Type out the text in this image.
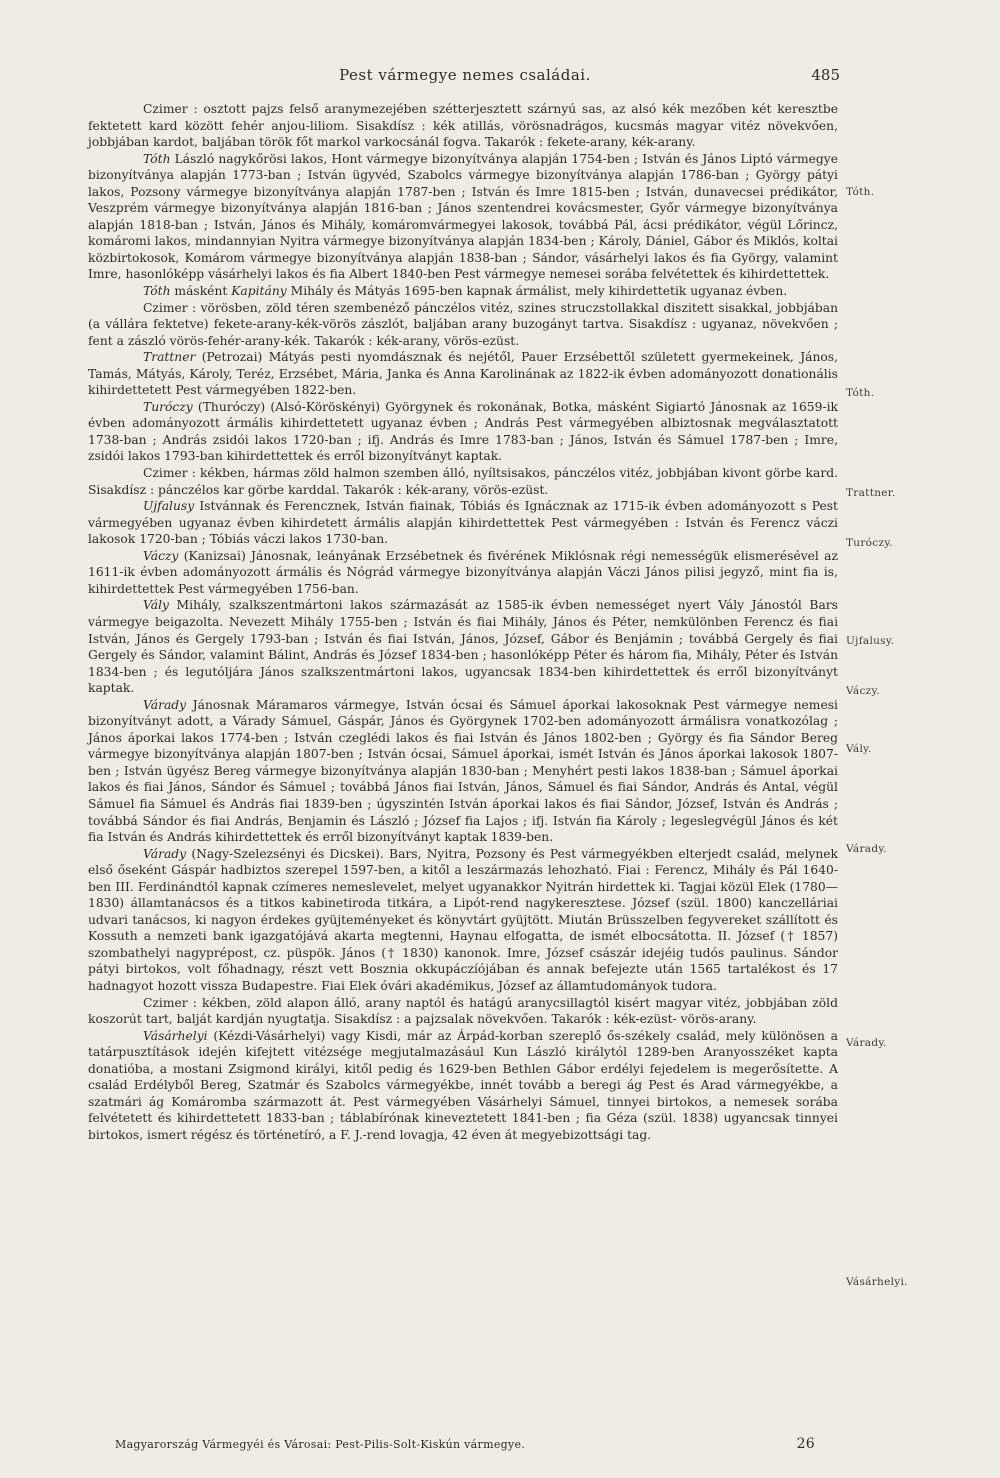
Pest vármegye nemes családai.	485

Czimer : osztott pajzs felső aranymezejében szétterjesztett szárnyú sas, az alsó kék mezőben két keresztbe fektetett kard között fehér anjou-liliom. Sisakdísz : kék atillás, vörösnadrágos, kucsmás magyar vitéz növekvően, jobbjában kardot, baljában török főt markol varkocsánál fogva. Takarók : fekete-arany, kék-arany.

Tóth László nagykőrösi lakos, Hont vármegye bizonyítványa alapján 1754-ben ; István és János Liptó vármegye bizonyítványa alapján 1773-ban ; István ügyvéd, Szabolcs vármegye bizonyítványa alapján 1786-ban ; György pátyi lakos, Pozsony vármegye bizonyítványa alapján 1787-ben ; István és Imre 1815-ben ; István, dunavecsei prédikátor, Veszprém vármegye bizonyítványa alapján 1816-ban ; János szentendrei kovácsmester, Győr vármegye bizonyítványa alapján 1818-ban ; István, János és Mihály, komáromvármegyei lakosok, továbbá Pál, ácsi prédikátor, végül Lőrincz, komáromi lakos, mindannyian Nyitra vármegye bizonyítványa alapján 1834-ben ; Károly, Dániel, Gábor és Miklós, koltai közbirtokosok, Komárom vármegye bizonyítványa alapján 1838-ban ; Sándor, vásárhelyi lakos és fia György, valamint Imre, hasonlóképp vásárhelyi lakos és fia Albert 1840-ben Pest vármegye nemesei sorába felvétettek és kihirdettettek.

Tóth másként Kapitány Mihály és Mátyás 1695-ben kapnak ármálist, mely kihirdettetik ugyanaz évben.

Czimer : vörösben, zöld téren szembenéző pánczélos vitéz, szines struczstollakkal diszitett sisakkal, jobbjában (a vállára fektetve) fekete-arany-kék-vörös zászlót, baljában arany buzogányt tartva. Sisakdísz : ugyanaz, növekvően ; fent a zászló vörös-fehér-arany-kék. Takarók : kék-arany, vörös-ezüst.

Trattner (Petrozai) Mátyás pesti nyomdásznak és nejétől, Pauer Erzsébettől született gyermekeinek, János, Tamás, Mátyás, Károly, Teréz, Erzsébet, Mária, Janka és Anna Karolinának az 1822-ik évben adományozott donationális kihirdettetett Pest vármegyében 1822-ben.

Turóczy (Thuróczy) (Alsó-Köröskényi) Györgynek és rokonának, Botka, másként Sigiartó Jánosnak az 1659-ik évben adományozott ármális kihirdettetett ugyanaz évben ; András Pest vármegyében albiztosnak megválasztatott 1738-ban ; András zsidói lakos 1720-ban ; ifj. András és Imre 1783-ban ; János, István és Sámuel 1787-ben ; Imre, zsidói lakos 1793-ban kihirdettettek és erről bizonyítványt kaptak.

Czimer : kékben, hármas zöld halmon szemben álló, nyíltsisakos, pánczélos vitéz, jobbjában kivont görbe kard. Sisakdísz : pánczélos kar görbe karddal. Takarók : kék-arany, vörös-ezüst.

Ujfalusy Istvánnak és Ferencznek, István fiainak, Tóbiás és Ignácznak az 1715-ik évben adományozott s Pest vármegyében ugyanaz évben kihirdetett ármális alapján kihirdettettek Pest vármegyében : István és Ferencz váczi lakosok 1720-ban ; Tóbiás váczi lakos 1730-ban.

Váczy (Kanizsai) Jánosnak, leányának Erzsébetnek és fivérének Miklósnak régi nemességük elismerésével az 1611-ik évben adományozott ármális és Nógrád vármegye bizonyítványa alapján Váczi János pilisi jegyző, mint fia is, kihirdettettek Pest vármegyében 1756-ban.

Vály Mihály, szalkszentmártoni lakos származását az 1585-ik évben nemességet nyert Vály Jánostól Bars vármegye beigazolta. Nevezett Mihály 1755-ben ; István és fiai Mihály, János és Péter, nemkülönben Ferencz és fiai István, János és Gergely 1793-ban ; István és fiai István, János, József, Gábor és Benjámin ; továbbá Gergely és fiai Gergely és Sándor, valamint Bálint, András és József 1834-ben ; hasonlóképp Péter és három fia, Mihály, Péter és István 1834-ben ; és legutóljára János szalkszentmártoni lakos, ugyancsak 1834-ben kihirdettettek és erről bizonyítványt kaptak.

Várady Jánosnak Máramaros vármegye, István ócsai és Sámuel áporkai lakosoknak Pest vármegye nemesi bizonyítványt adott, a Várady Sámuel, Gáspár, János és Györgynek 1702-ben adományozott ármálisra vonatkozólag ; János áporkai lakos 1774-ben ; István czeglédi lakos és fiai István és János 1802-ben ; György és fia Sándor Bereg vármegye bizonyítványa alapján 1807-ben ; István ócsai, Sámuel áporkai, ismét István és János áporkai lakosok 1807-ben ; István ügyész Bereg vármegye bizonyítványa alapján 1830-ban ; Menyhért pesti lakos 1838-ban ; Sámuel áporkai lakos és fiai János, Sándor és Sámuel ; továbbá János fiai István, János, Sámuel és fiai Sándor, András és Antal, végül Sámuel fia Sámuel és András fiai 1839-ben ; úgyszintén István áporkai lakos és fiai Sándor, József, István és András ; továbbá Sándor és fiai András, Benjamin és László ; József fia Lajos ; ifj. István fia Károly ; legeslegvégül János és két fia István és András kihirdettettek és erről bizonyítványt kaptak 1839-ben.

Várady (Nagy-Szelezsényi és Dicskei). Bars, Nyitra, Pozsony és Pest vármegyékben elterjedt család, melynek első őseként Gáspár hadbiztos szerepel 1597-ben, a kitől a leszármazás lehozható. Fiai : Ferencz, Mihály és Pál 1640-ben III. Ferdinándtól kapnak czímeres nemeslevelet, melyet ugyanakkor Nyitrán hirdettek ki. Tagjai közül Elek (1780—1830) államtanácsos és a titkos kabinetiroda titkára, a Lipót-rend nagykeresztese. József (szül. 1800) kanczelláriai udvari tanácsos, ki nagyon érdekes gyüjteményeket és könyvtárt gyüjtött. Miután Brüsszelben fegyvereket szállított és Kossuth a nemzeti bank igazgatójává akarta megtenni, Haynau elfogatta, de ismét elbocsátotta. II. József († 1857) szombathelyi nagyprépost, cz. püspök. János († 1830) kanonok. Imre, József császár idejéig tudós paulinus. Sándor pátyi birtokos, volt főhadnagy, részt vett Bosznia okkupáczíójában és annak befejezte után 1565 tartalékost és 17 hadnagyot hozott vissza Budapestre. Fiai Elek óvári akadémikus, József az államtudományok tudora.

Czimer : kékben, zöld alapon álló, arany naptól és hatágú aranycsillagtól kisért magyar vitéz, jobbjában zöld koszorút tart, balját kardján nyugtatja. Sisakdísz : a pajzsalak növekvően. Takarók : kék-ezüst- vörös-arany.

Vásárhelyi (Kézdi-Vásárhelyi) vagy Kisdi, már az Árpád-korban szereplő ős-székely család, mely különösen a tatárpusztítások idején kifejtett vitézsége megjutalmazásául Kun László királytól 1289-ben Aranyosszéket kapta donatióba, a mostani Zsigmond királyi, kitől pedig és 1629-ben Bethlen Gábor erdélyi fejedelem is megerősítette. A család Erdélyből Bereg, Szatmár és Szabolcs vármegyékbe, innét tovább a beregi ág Pest és Arad vármegyékbe, a szatmári ág Komáromba származott át. Pest vármegyében Vásárhelyi Sámuel, tinnyei birtokos, a nemesek sorába felvétetett és kihirdettetett 1833-ban ; táblabírónak kineveztetett 1841-ben ; fia Géza (szül. 1838) ugyancsak tinnyei birtokos, ismert régész és történetíró, a F. J.-rend lovagja, 42 éven át megyebizottsági tag.

Tóth.
Tóth.
Trattner.
Turóczy.
Ujfalusy.
Váczy.
Vály.
Várady.
Várady.
Vásárhelyi.
Magyarország Vármegyéi és Városai: Pest-Pilis-Solt-Kiskún vármegye.	26
